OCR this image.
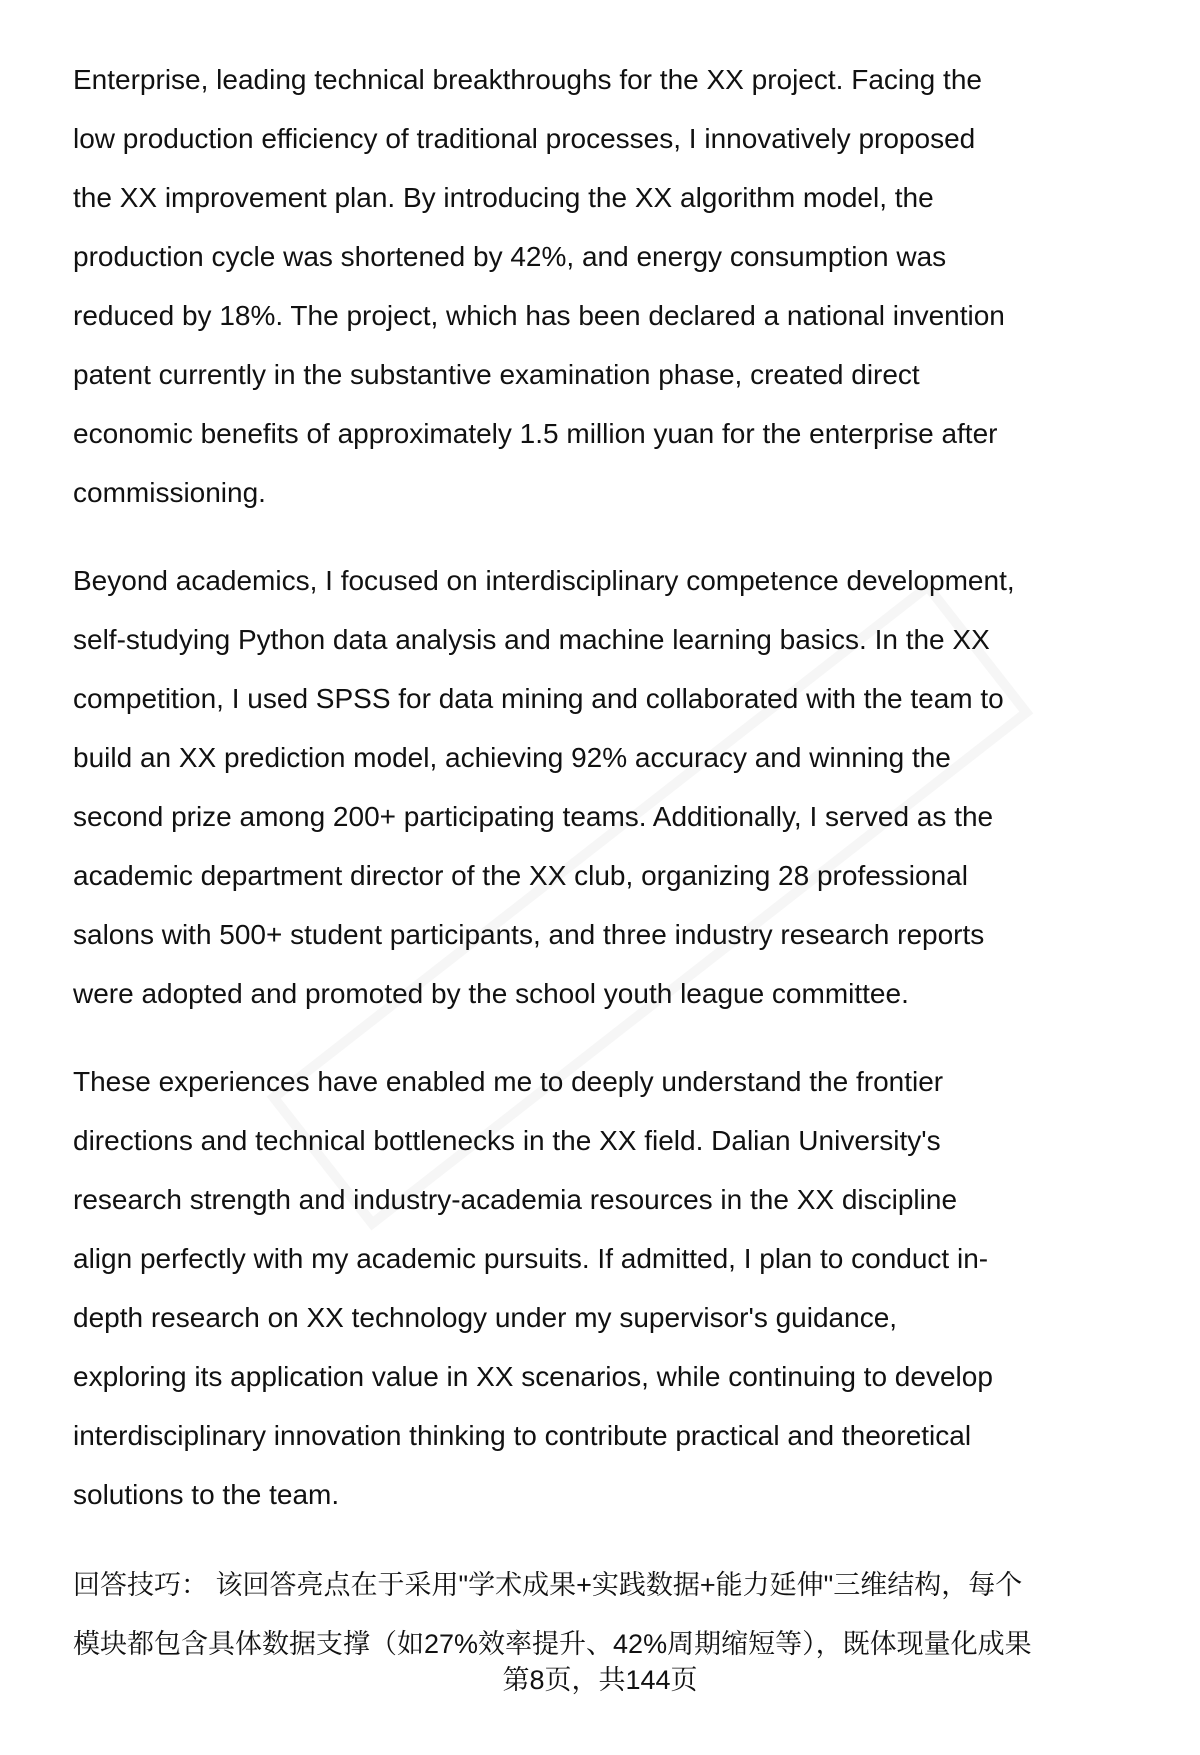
Enterprise, leading technical breakthroughs for the XX project. Facing the
low production efficiency of traditional processes, I innovatively proposed
the XX improvement plan. By introducing the XX algorithm model, the
production cycle was shortened by 42%, and energy consumption was
reduced by 18%. The project, which has been declared a national invention
patent currently in the substantive examination phase, created direct
economic benefits of approximately 1.5 million yuan for the enterprise after
commissioning.
Beyond academics, I focused on interdisciplinary competence development,
self-studying Python data analysis and machine learning basics. In the XX
competition, I used SPSS for data mining and collaborated with the team to
build an XX prediction model, achieving 92% accuracy and winning the
second prize among 200+ participating teams. Additionally, I served as the
academic department director of the XX club, organizing 28 professional
salons with 500+ student participants, and three industry research reports
were adopted and promoted by the school youth league committee.
These experiences have enabled me to deeply understand the frontier
directions and technical bottlenecks in the XX field. Dalian University's
research strength and industry-academia resources in the XX discipline
align perfectly with my academic pursuits. If admitted, I plan to conduct in-
depth research on XX technology under my supervisor's guidance,
exploring its application value in XX scenarios, while continuing to develop
interdisciplinary innovation thinking to contribute practical and theoretical
solutions to the team.
回答技巧： 该回答亮点在于采用"学术成果+实践数据+能力延伸"三维结构，每个
模块都包含具体数据支撑（如27%效率提升、42%周期缩短等），既体现量化成果
第8页，共144页
